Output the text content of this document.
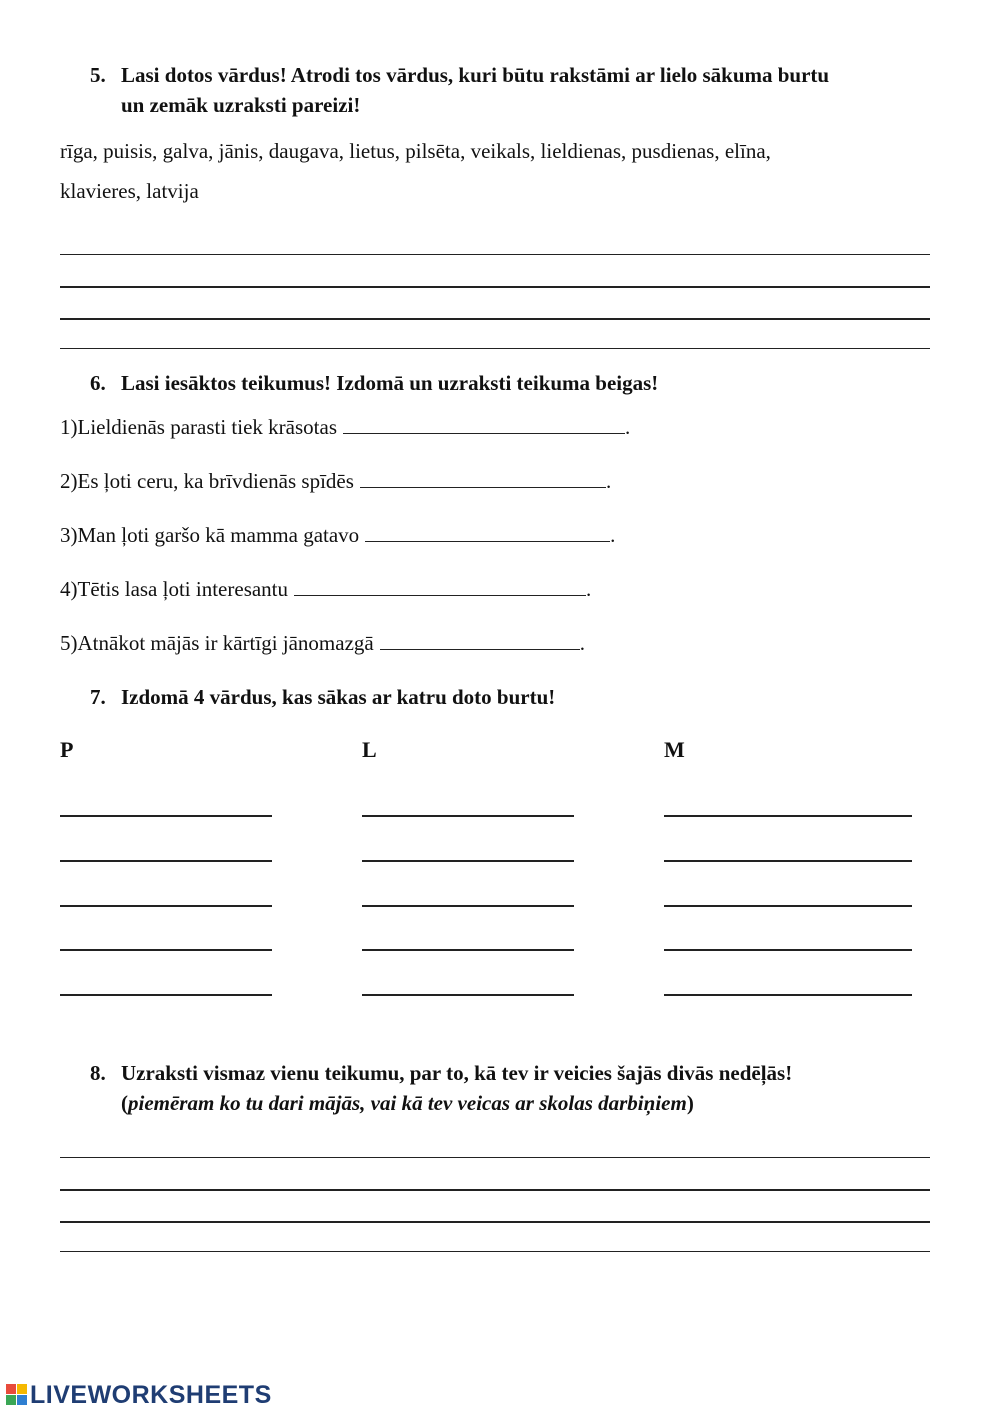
5. Lasi dotos vārdus! Atrodi tos vārdus, kuri būtu rakstāmi ar lielo sākuma burtu
un zemāk uzraksti pareizi!
rīga, puisis, galva, jānis, daugava, lietus, pilsēta, veikals, lieldienas, pusdienas, elīna,
klavieres, latvija
6. Lasi iesāktos teikumus! Izdomā un uzraksti teikuma beigas!
1)Lieldienās parasti tiek krāsotas	.
2)Es ļoti ceru, ka brīvdienās spīdēs	.
3)Man ļoti garšo kā mamma gatavo	.
4)Tētis lasa ļoti interesantu	.
5)Atnākot mājās ir kārtīgi jānomazgā	.
7. Izdomā 4 vārdus, kas sākas ar katru doto burtu!
P	L	M
8. Uzraksti vismaz vienu teikumu, par to, kā tev ir veicies šajās divās nedēļās!
(piemēram ko tu dari mājās, vai kā tev veicas ar skolas darbiņiem)
LIVEWORKSHEETS
